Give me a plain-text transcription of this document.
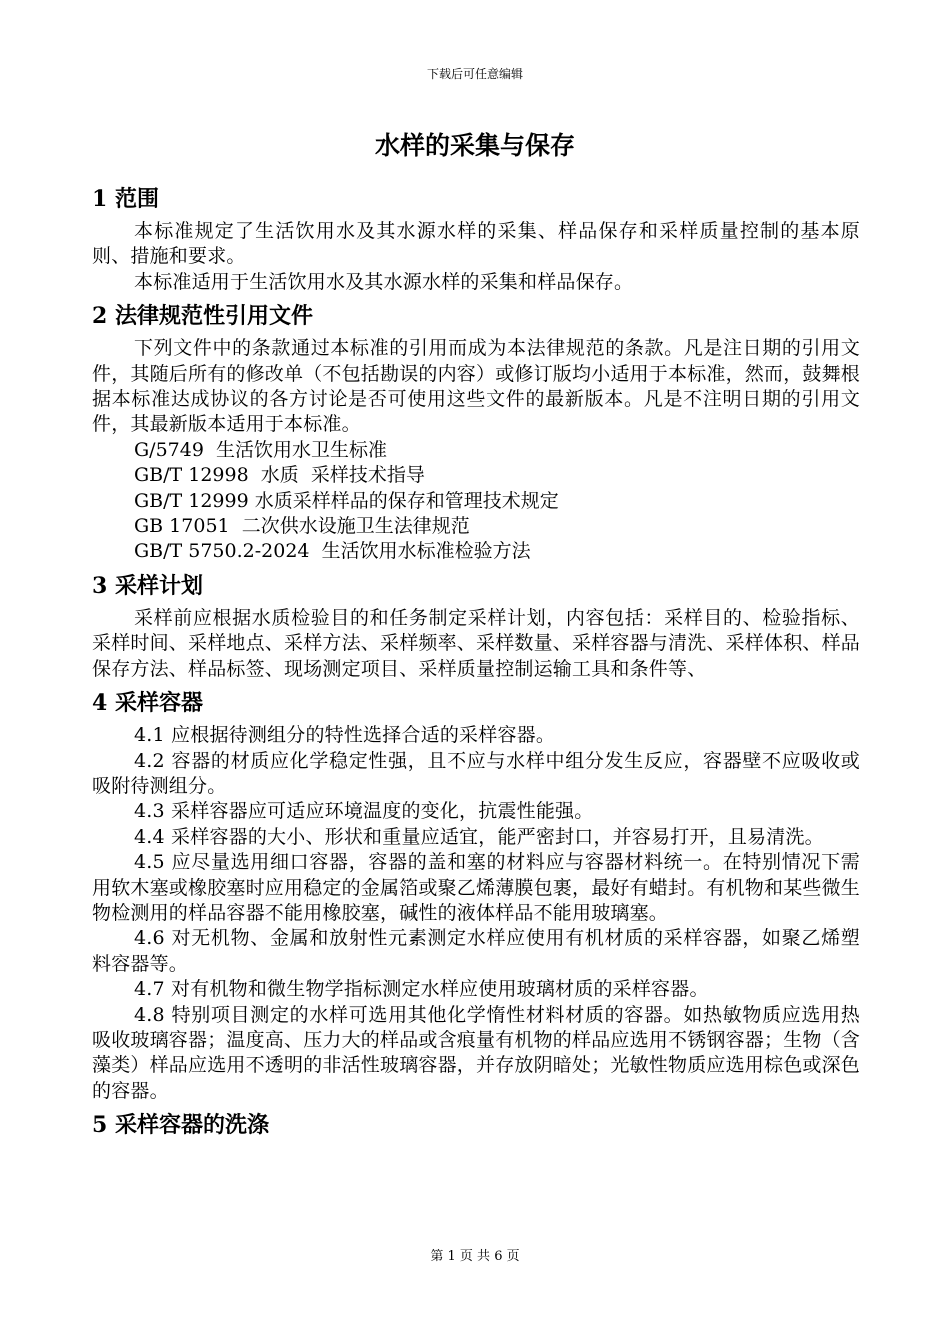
下载后可任意编辑
水样的采集与保存
1 范围

本标准规定了生活饮用水及其水源水样的采集、样品保存和采样质量控制的基本原则、措施和要求。

本标准适用于生活饮用水及其水源水样的采集和样品保存。

2 法律规范性引用文件

下列文件中的条款通过本标准的引用而成为本法律规范的条款。凡是注日期的引用文件，其随后所有的修改单（不包括勘误的内容）或修订版均小适用于本标准，然而，鼓舞根据本标准达成协议的各方讨论是否可使用这些文件的最新版本。凡是不注明日期的引用文件，其最新版本适用于本标准。

G/5749  生活饮用水卫生标准

GB/T 12998  水质  采样技术指导

GB/T 12999 水质采样样品的保存和管理技术规定

GB 17051  二次供水设施卫生法律规范

GB/T 5750.2-2024  生活饮用水标准检验方法

3 采样计划

采样前应根据水质检验目的和任务制定采样计划，内容包括：采样目的、检验指标、采样时间、采样地点、采样方法、采样频率、采样数量、采样容器与清洗、采样体积、样品保存方法、样品标签、现场测定项目、采样质量控制运输工具和条件等、

4 采样容器

4.1 应根据待测组分的特性选择合适的采样容器。

4.2 容器的材质应化学稳定性强，且不应与水样中组分发生反应，容器壁不应吸收或吸附待测组分。

4.3 采样容器应可适应环境温度的变化，抗震性能强。

4.4 采样容器的大小、形状和重量应适宜，能严密封口，并容易打开，且易清洗。

4.5 应尽量选用细口容器，容器的盖和塞的材料应与容器材料统一。在特别情况下需用软木塞或橡胶塞时应用稳定的金属箔或聚乙烯薄膜包裹，最好有蜡封。有机物和某些微生物检测用的样品容器不能用橡胶塞，碱性的液体样品不能用玻璃塞。

4.6 对无机物、金属和放射性元素测定水样应使用有机材质的采样容器，如聚乙烯塑料容器等。

4.7 对有机物和微生物学指标测定水样应使用玻璃材质的采样容器。

4.8 特别项目测定的水样可选用其他化学惰性材料材质的容器。如热敏物质应选用热吸收玻璃容器；温度高、压力大的样品或含痕量有机物的样品应选用不锈钢容器；生物（含藻类）样品应选用不透明的非活性玻璃容器，并存放阴暗处；光敏性物质应选用棕色或深色的容器。

5 采样容器的洗涤
第 1 页 共 6 页
